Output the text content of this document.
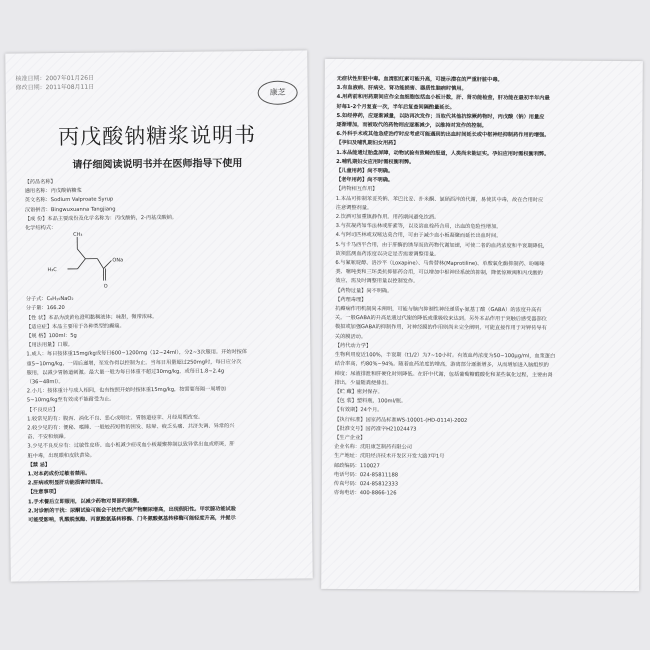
核准日期：2007年01月26日
修改日期：2011年08月11日
康芝
丙戊酸钠糖浆说明书
请仔细阅读说明书并在医师指导下使用

【药品名称】

通用名称：丙戊酸钠糖浆

英文名称：Sodium Valproate Syrup

汉语拼音：Bingwuxuanna Tangjiang

【成 份】本品主要成份及化学名称为：丙戊酸钠，2-丙基戊酸钠。

化学结构式：

CH₃
H₃C
ONa
O

分子式：C₈H₁₅NaO₂

分子量：166.20

【性 状】本品为淡黄色澄明黏稠液体；味甜，微带浓味。

【适应症】本品主要用于各种类型的癫痫。

【规 格】100ml：5g

【用法用量】口服。

1.成人：每日按体重15mg/kg或每日600~1200mg（12~24ml），分2~3次服用。开始时按体

重5~10mg/kg，一周后递增，至发作得以控制为止。当每日用量超过250mg时，每日应分次

服用，以减少胃肠道刺激。最大量一般为每日体重不超过30mg/kg，或每日1.8~2.4g

（36~48ml）。

2.小儿：按体重计与成人相同，也有按照开始时按体重15mg/kg，按需要每隔一周增加

5~10mg/kg至有效或不能耐受为止。

【不良反应】

1.较常见的有：腹泻、消化不良、恶心或呕吐、胃肠道痉挛、月经周期改变。

2.较少见的有：便秘、嗜睡、一般较药短暂的困发、眩晕、疲乏头痛、共济失调、异常的兴

奋、不安和烦躁。

3.少见不良反应有：过敏性皮疹、血小板减少症或血小板凝聚抑制以致异常出血或瘀斑，肝

脏中毒，出现眼和皮肤黄染。

【禁 忌】

1.对本药成份过敏者禁用。

2.肝病或明显肝功能损害时禁用。

【注意事项】

1.手术餐后立即服用，以减少药物对胃部的刺激。

2.对诊断的干扰：尿酮试验可能会干扰性代谢产物酮尿增高，出现假阳性。甲状腺功能试验

可能受影响，乳酸脱氢酶、丙氨酸氨基转移酶、门冬氨酸氨基转移酶可能轻度升高，并提示

无症状性肝脏中毒。血清胆红素可能升高，可提示潜在的严重肝脏中毒。

3.有血液病、肝病史、肾功能损害、器质性脑病时慎用。

4.用药前和用药期间应作全血细胞包括血小板计数，肝、肾功能检查，肝功能在最初半年内最

好每1-2个月复查一次，半年后复查间隔酌量延长。

5.如经停药，应逐渐减量，以防再次发作；当取代其他抗惊厥药物时，丙戊酸（钠）用量应

逐渐增加，而被取代的药物则应逐渐减少，以维持对发作的控制。

6.外科手术或其他急症治疗时应考虑可能遇到的出血时间延长或中枢神经抑制药作用的增强。

【孕妇及哺乳期妇女用药】

1.本品能通过胎盘屏障，动物试验有致畸的报道，人类尚未能证实。孕妇应用时需权衡利弊。

2.哺乳期妇女应用时需权衡利弊。

【儿童用药】尚不明确。

【老年用药】尚不明确。

【药物相互作用】

1.本品可抑制苯妥英钠、苯巴比妥、扑米酮、氯硝西泮的代谢，易使其中毒，故在合用时应

注意调整剂量。

2.饮酒可加重镇静作用。用药期间避免饮酒。

3.与抗凝药如华法林或肝素等，以及溶血栓药合用，出血的危险性增加。

4.与阿司匹林或双嘧达莫合用，可由于减少血小板凝聚而延长出血时间。

5.与卡马西平合用，由于肝酶的诱导而致药物代谢加速，可使二者的血药浓度和半衰期降低，

故须监测血药浓度以决定是否需要调整用量。

6.与氟哌啶醇、洛沙平（Loxapine）、马普替林(Maprotiline)、单胺氧化酶抑制药、吩噻嗪

类、噻吨类和三环类抗抑郁药合用，可以增加中枢神经系统的抑制，降低惊厥阈和丙戊酸的

效应，需及时调整用量以控制发作。

【药物过量】尚不明确。

【药理毒理】

抗癫痫作用机制尚未阐明，可能与脑内抑制性神经递质γ-氨基丁酸（GABA）的浓度升高有

关。一般GABA的升高是通过代谢的降低或重吸收来达到。另外本品作用于突触后感受器部位

模拟或加强GABA的抑制作用，对神经膜的作用则尚未完全阐明，可能直接作用于对钾传导有

关的膜活动。

【药代动力学】

生物利用度近100%，半衰期（t1/2）为7~10小时。有效血药浓度为50~100μg/ml，血浆蛋白

结合率高，约80%~94%。随着血药浓度的增高，游离部分逐渐增多，从而增加进入脑组织的

梯度；尿液排泄和肝硬化时则降低。在肝中代谢，包括葡萄糖醛酸化和某些氧化过程，主要由肾

排出，少量随粪便排出。

【贮 藏】密封保存。

【包 装】塑料瓶，100ml/瓶。

【有效期】24个月。

【执行标准】国家药品标准WS-10001-(HD-0114)-2002

【批准文号】国药准字H21024473

【生产企业】

企业名称：沈阳康芝制药有限公司

生产地址：沈阳经济技术开发区开发大路7甲1号

邮政编码：110027

电话号码：024-85811188

传真号码：024-85812333

咨询电话：400-8866-126
